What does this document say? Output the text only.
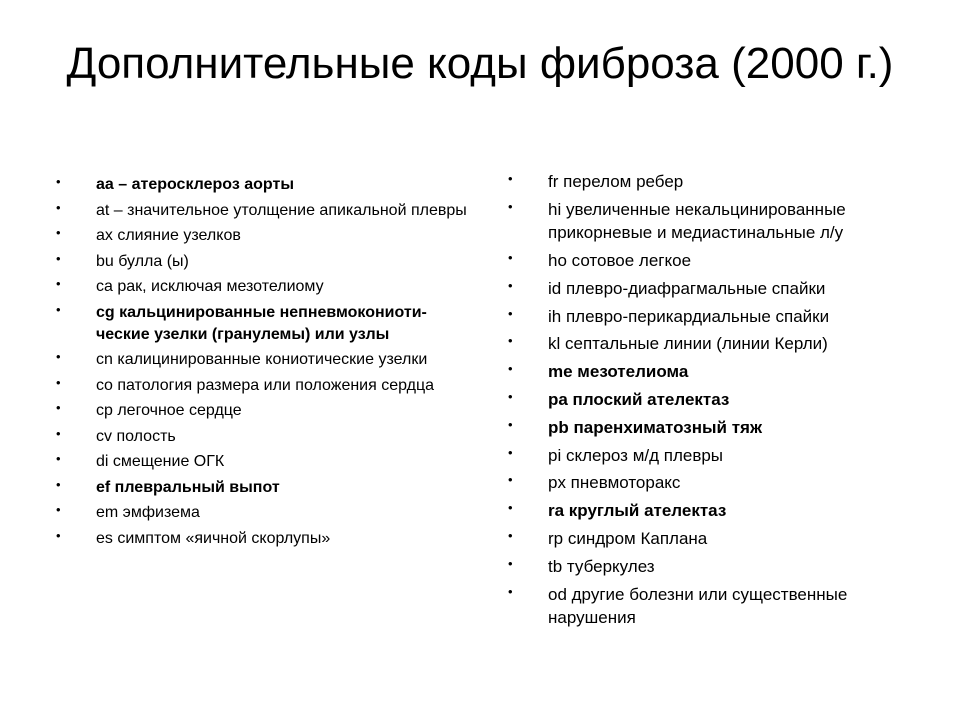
Дополнительные коды фиброза (2000 г.)
• аа – атеросклероз аорты
• at – значительное утолщение апикальной плевры
• ax слияние узелков
• bu булла (ы)
• ca рак, исключая мезотелиому
• cg кальцинированные непневмокониоти-ческие узелки (гранулемы) или узлы
• cn калицинированные кониотические узелки
• co патология размера или положения сердца
• cp легочное сердце
• cv полость
• di смещение ОГК
• ef плевральный выпот
• em эмфизема
• es симптом «яичной скорлупы»
• fr перелом ребер
• hi увеличенные некальцинированные прикорневые и медиастинальные л/у
• ho сотовое легкое
• id плевро-диафрагмальные спайки
• ih плевро-перикардиальные спайки
• kl септальные линии (линии Керли)
• me мезотелиома
• pa плоский ателектаз
• pb паренхиматозный тяж
• pi склероз м/д плевры
• px пневмоторакс
• ra круглый ателектаз
• rp синдром Каплана
• tb туберкулез
• od другие болезни или существенные нарушения
